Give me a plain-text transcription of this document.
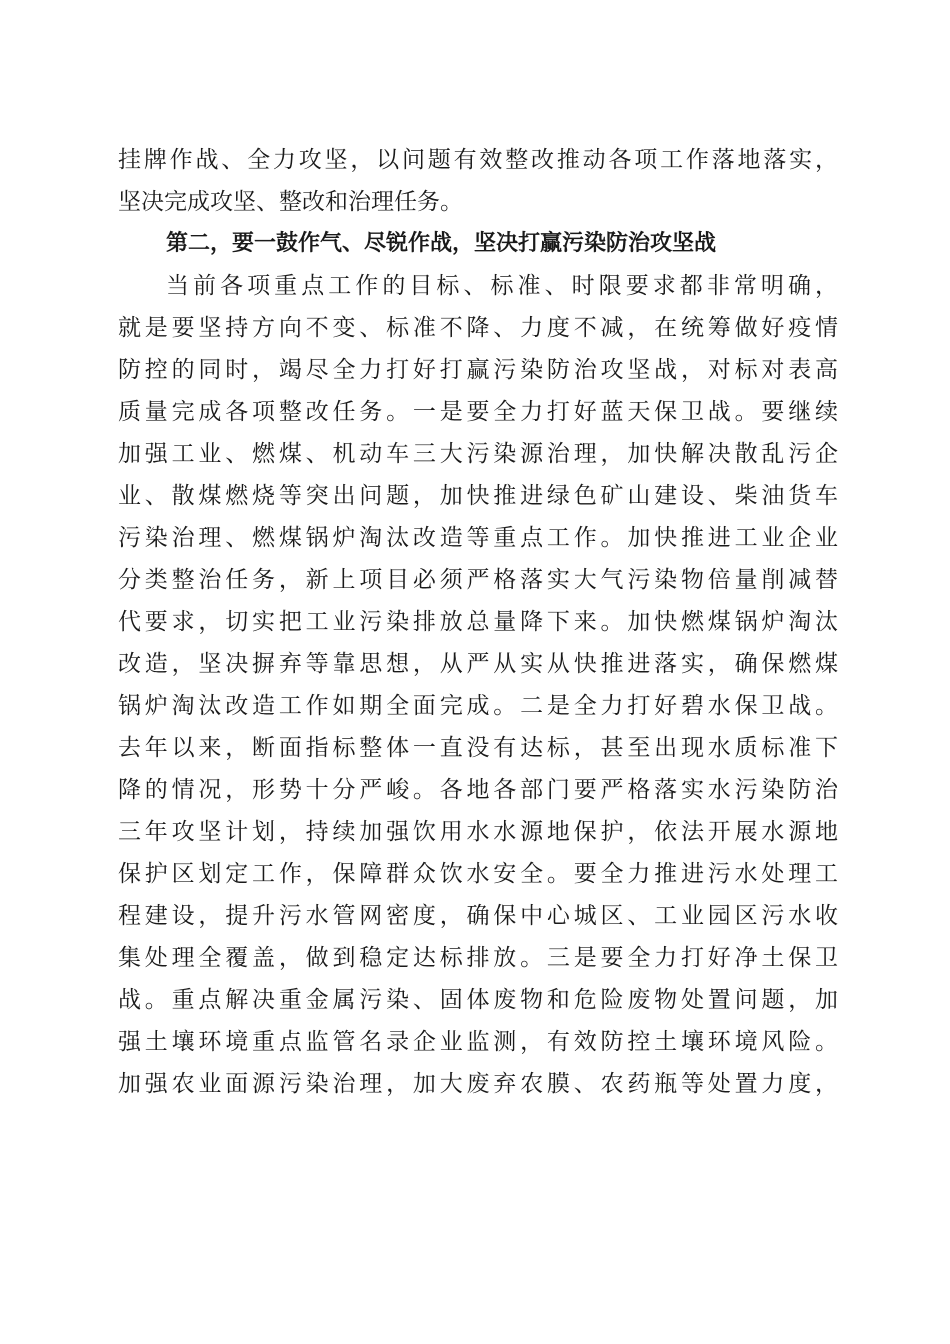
挂牌作战、全力攻坚，以问题有效整改推动各项工作落地落实，
坚决完成攻坚、整改和治理任务。
第二，要一鼓作气、尽锐作战，坚决打赢污染防治攻坚战
当前各项重点工作的目标、标准、时限要求都非常明确，
就是要坚持方向不变、标准不降、力度不减，在统筹做好疫情
防控的同时，竭尽全力打好打赢污染防治攻坚战，对标对表高
质量完成各项整改任务。一是要全力打好蓝天保卫战。要继续
加强工业、燃煤、机动车三大污染源治理，加快解决散乱污企
业、散煤燃烧等突出问题，加快推进绿色矿山建设、柴油货车
污染治理、燃煤锅炉淘汰改造等重点工作。加快推进工业企业
分类整治任务，新上项目必须严格落实大气污染物倍量削减替
代要求，切实把工业污染排放总量降下来。加快燃煤锅炉淘汰
改造，坚决摒弃等靠思想，从严从实从快推进落实，确保燃煤
锅炉淘汰改造工作如期全面完成。二是全力打好碧水保卫战。
去年以来，断面指标整体一直没有达标，甚至出现水质标准下
降的情况，形势十分严峻。各地各部门要严格落实水污染防治
三年攻坚计划，持续加强饮用水水源地保护，依法开展水源地
保护区划定工作，保障群众饮水安全。要全力推进污水处理工
程建设，提升污水管网密度，确保中心城区、工业园区污水收
集处理全覆盖，做到稳定达标排放。三是要全力打好净土保卫
战。重点解决重金属污染、固体废物和危险废物处置问题，加
强土壤环境重点监管名录企业监测，有效防控土壤环境风险。
加强农业面源污染治理，加大废弃农膜、农药瓶等处置力度，
